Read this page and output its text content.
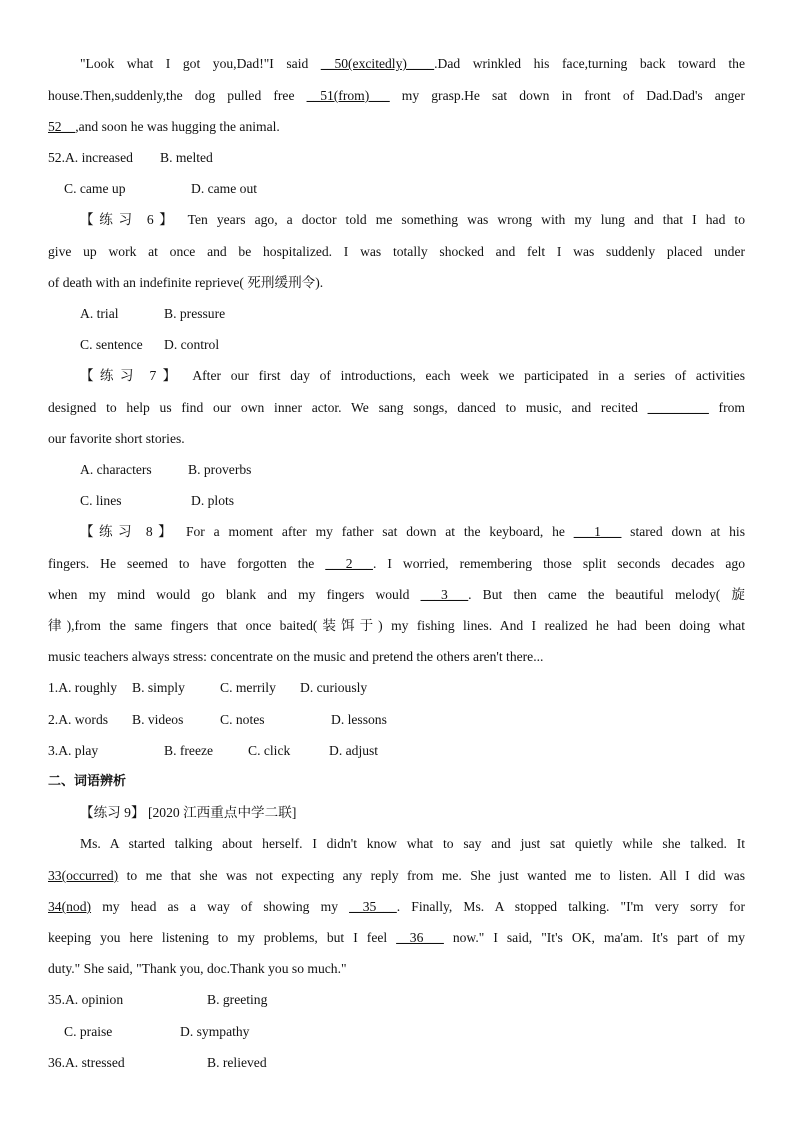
"Look what I got you,Dad!"I said __50(excitedly)____.Dad wrinkled his face,turning back toward the
house.Then,suddenly,the dog pulled free __51(from)___ my grasp.He sat down in front of Dad.Dad's anger
52__,and soon he was hugging the animal.
52.A. increased B. melted
C. came up	D. came out
【练习 6】 Ten years ago, a doctor told me something was wrong with my lung and that I had to
give up work at once and be hospitalized. I was totally shocked and felt I was suddenly placed under
of death with an indefinite reprieve( 死刑缓刑令).
A. trial	B. pressure
C. sentence D. control
【练习 7】 After our first day of introductions, each week we participated in a series of activities
designed to help us find our own inner actor. We sang songs, danced to music, and recited _________ from
our favorite short stories.
A. characters	B. proverbs
C. lines	D. plots
【练习 8】 For a moment after my father sat down at the keyboard, he ___1___ stared down at his
fingers. He seemed to have forgotten the ___2___. I worried, remembering those split seconds decades ago
when my mind would go blank and my fingers would ___3___. But then came the beautiful melody( 旋
律),from the same fingers that once baited(装饵于) my fishing lines. And I realized he had been doing what
music teachers always stress: concentrate on the music and pretend the others aren't there...
1.A. roughly B. simply	C. merrily D. curiously
2.A. words B. videos	C. notes	D. lessons
3.A. play	B. freeze	C. click	D. adjust
二、词语辨析
【练习 9】 [2020 江西重点中学二联]
Ms. A started talking about herself. I didn't know what to say and just sat quietly while she talked. It
33(occurred) to me that she was not expecting any reply from me. She just wanted me to listen. All I did was
34(nod) my head as a way of showing my __35___. Finally, Ms. A stopped talking. "I'm very sorry for
keeping you here listening to my problems, but I feel __36___ now." I said, "It's OK, ma'am. It's part of my
duty." She said, "Thank you, doc.Thank you so much."
35.A. opinion	B. greeting
C. praise	D. sympathy
36.A. stressed	B. relieved
